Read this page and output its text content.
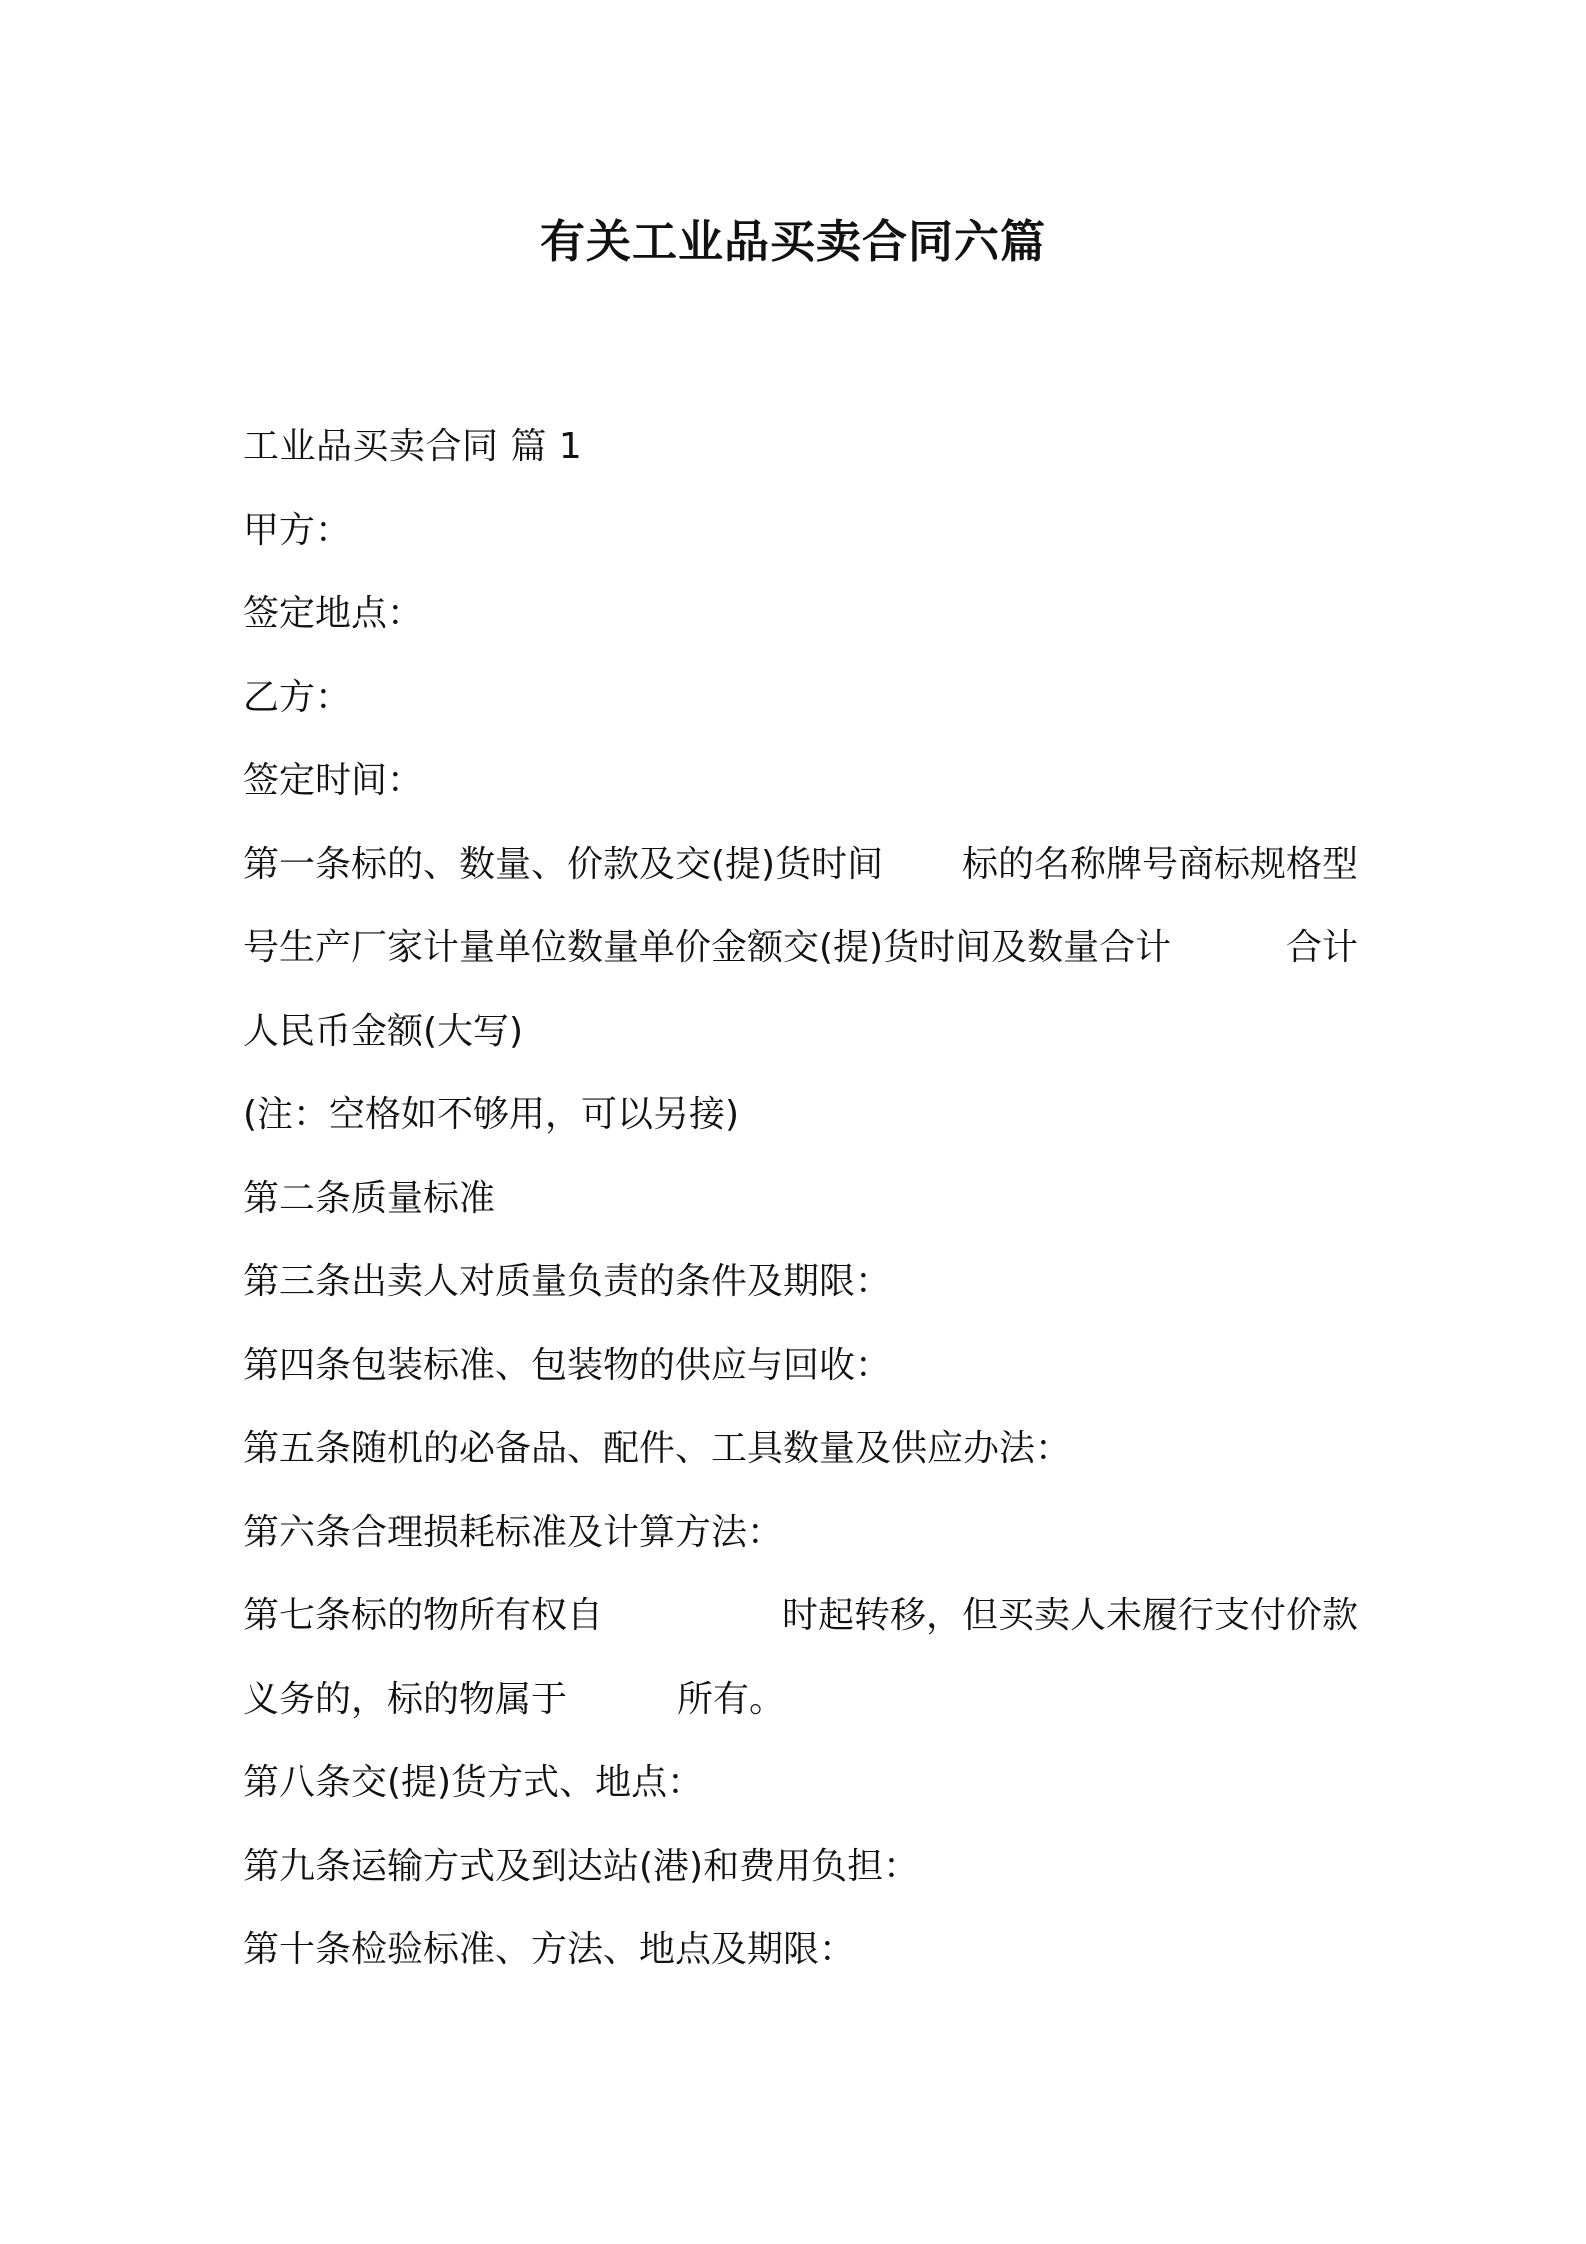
有关工业品买卖合同六篇
工业品买卖合同 篇 1
甲方：
签定地点：
乙方：
签定时间：
第一条标的、数量、价款及交(提)货时间 标的名称牌号商标规格型
号生产厂家计量单位数量单价金额交(提)货时间及数量合计	合计
人民币金额(大写)
(注：空格如不够用，可以另接)
第二条质量标准
第三条出卖人对质量负责的条件及期限：
第四条包装标准、包装物的供应与回收：
第五条随机的必备品、配件、工具数量及供应办法：
第六条合理损耗标准及计算方法：
第七条标的物所有权自	时起转移，但买卖人未履行支付价款
义务的，标的物属于	所有。
第八条交(提)货方式、地点：
第九条运输方式及到达站(港)和费用负担：
第十条检验标准、方法、地点及期限：
